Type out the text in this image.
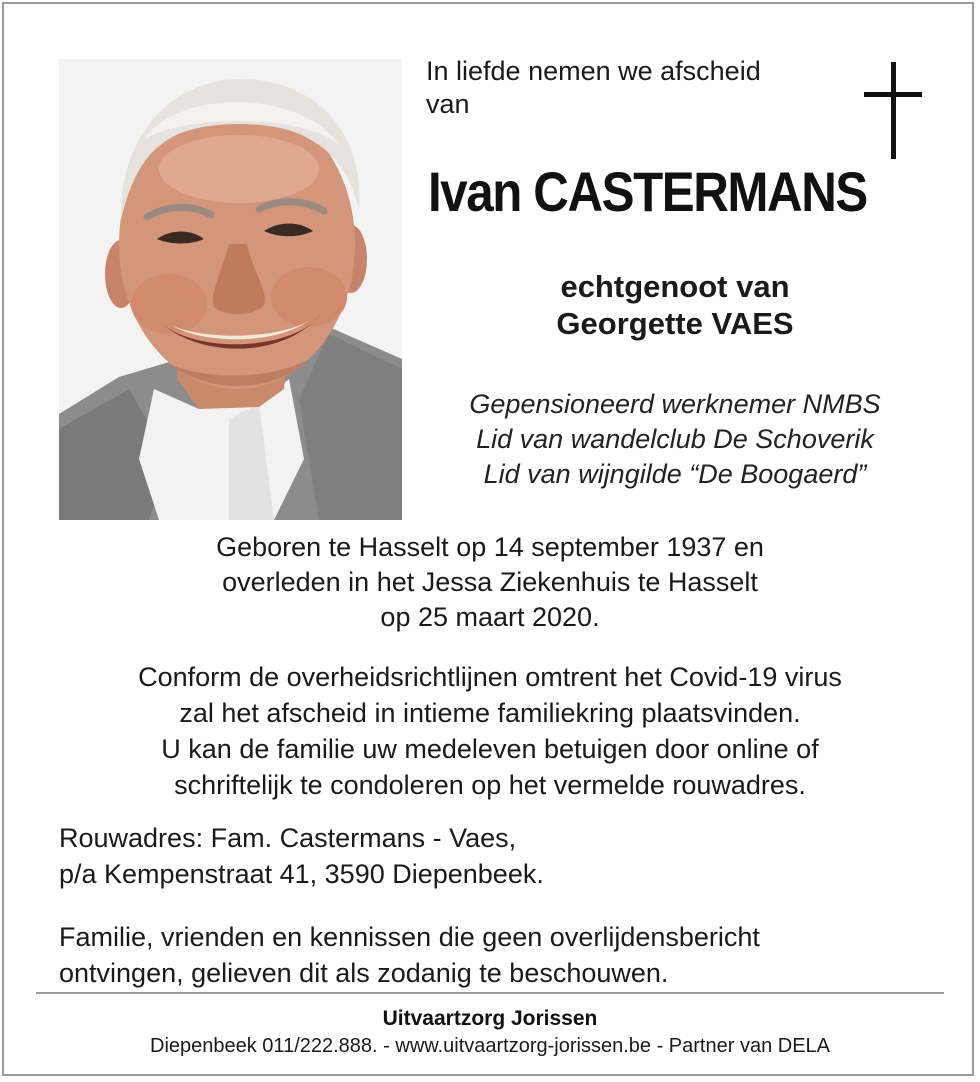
In liefde nemen we afscheid
van
Ivan CASTERMANS
echtgenoot van
Georgette VAES
Gepensioneerd werknemer NMBS
Lid van wandelclub De Schoverik
Lid van wijngilde “De Boogaerd”
Geboren te Hasselt op 14 september 1937 en
overleden in het Jessa Ziekenhuis te Hasselt
op 25 maart 2020.
Conform de overheidsrichtlijnen omtrent het Covid-19 virus
zal het afscheid in intieme familiekring plaatsvinden.
U kan de familie uw medeleven betuigen door online of
schriftelijk te condoleren op het vermelde rouwadres.
Rouwadres: Fam. Castermans - Vaes,
p/a Kempenstraat 41, 3590 Diepenbeek.
Familie, vrienden en kennissen die geen overlijdensbericht
ontvingen, gelieven dit als zodanig te beschouwen.
Uitvaartzorg Jorissen
Diepenbeek 011/222.888. - www.uitvaartzorg-jorissen.be - Partner van DELA
